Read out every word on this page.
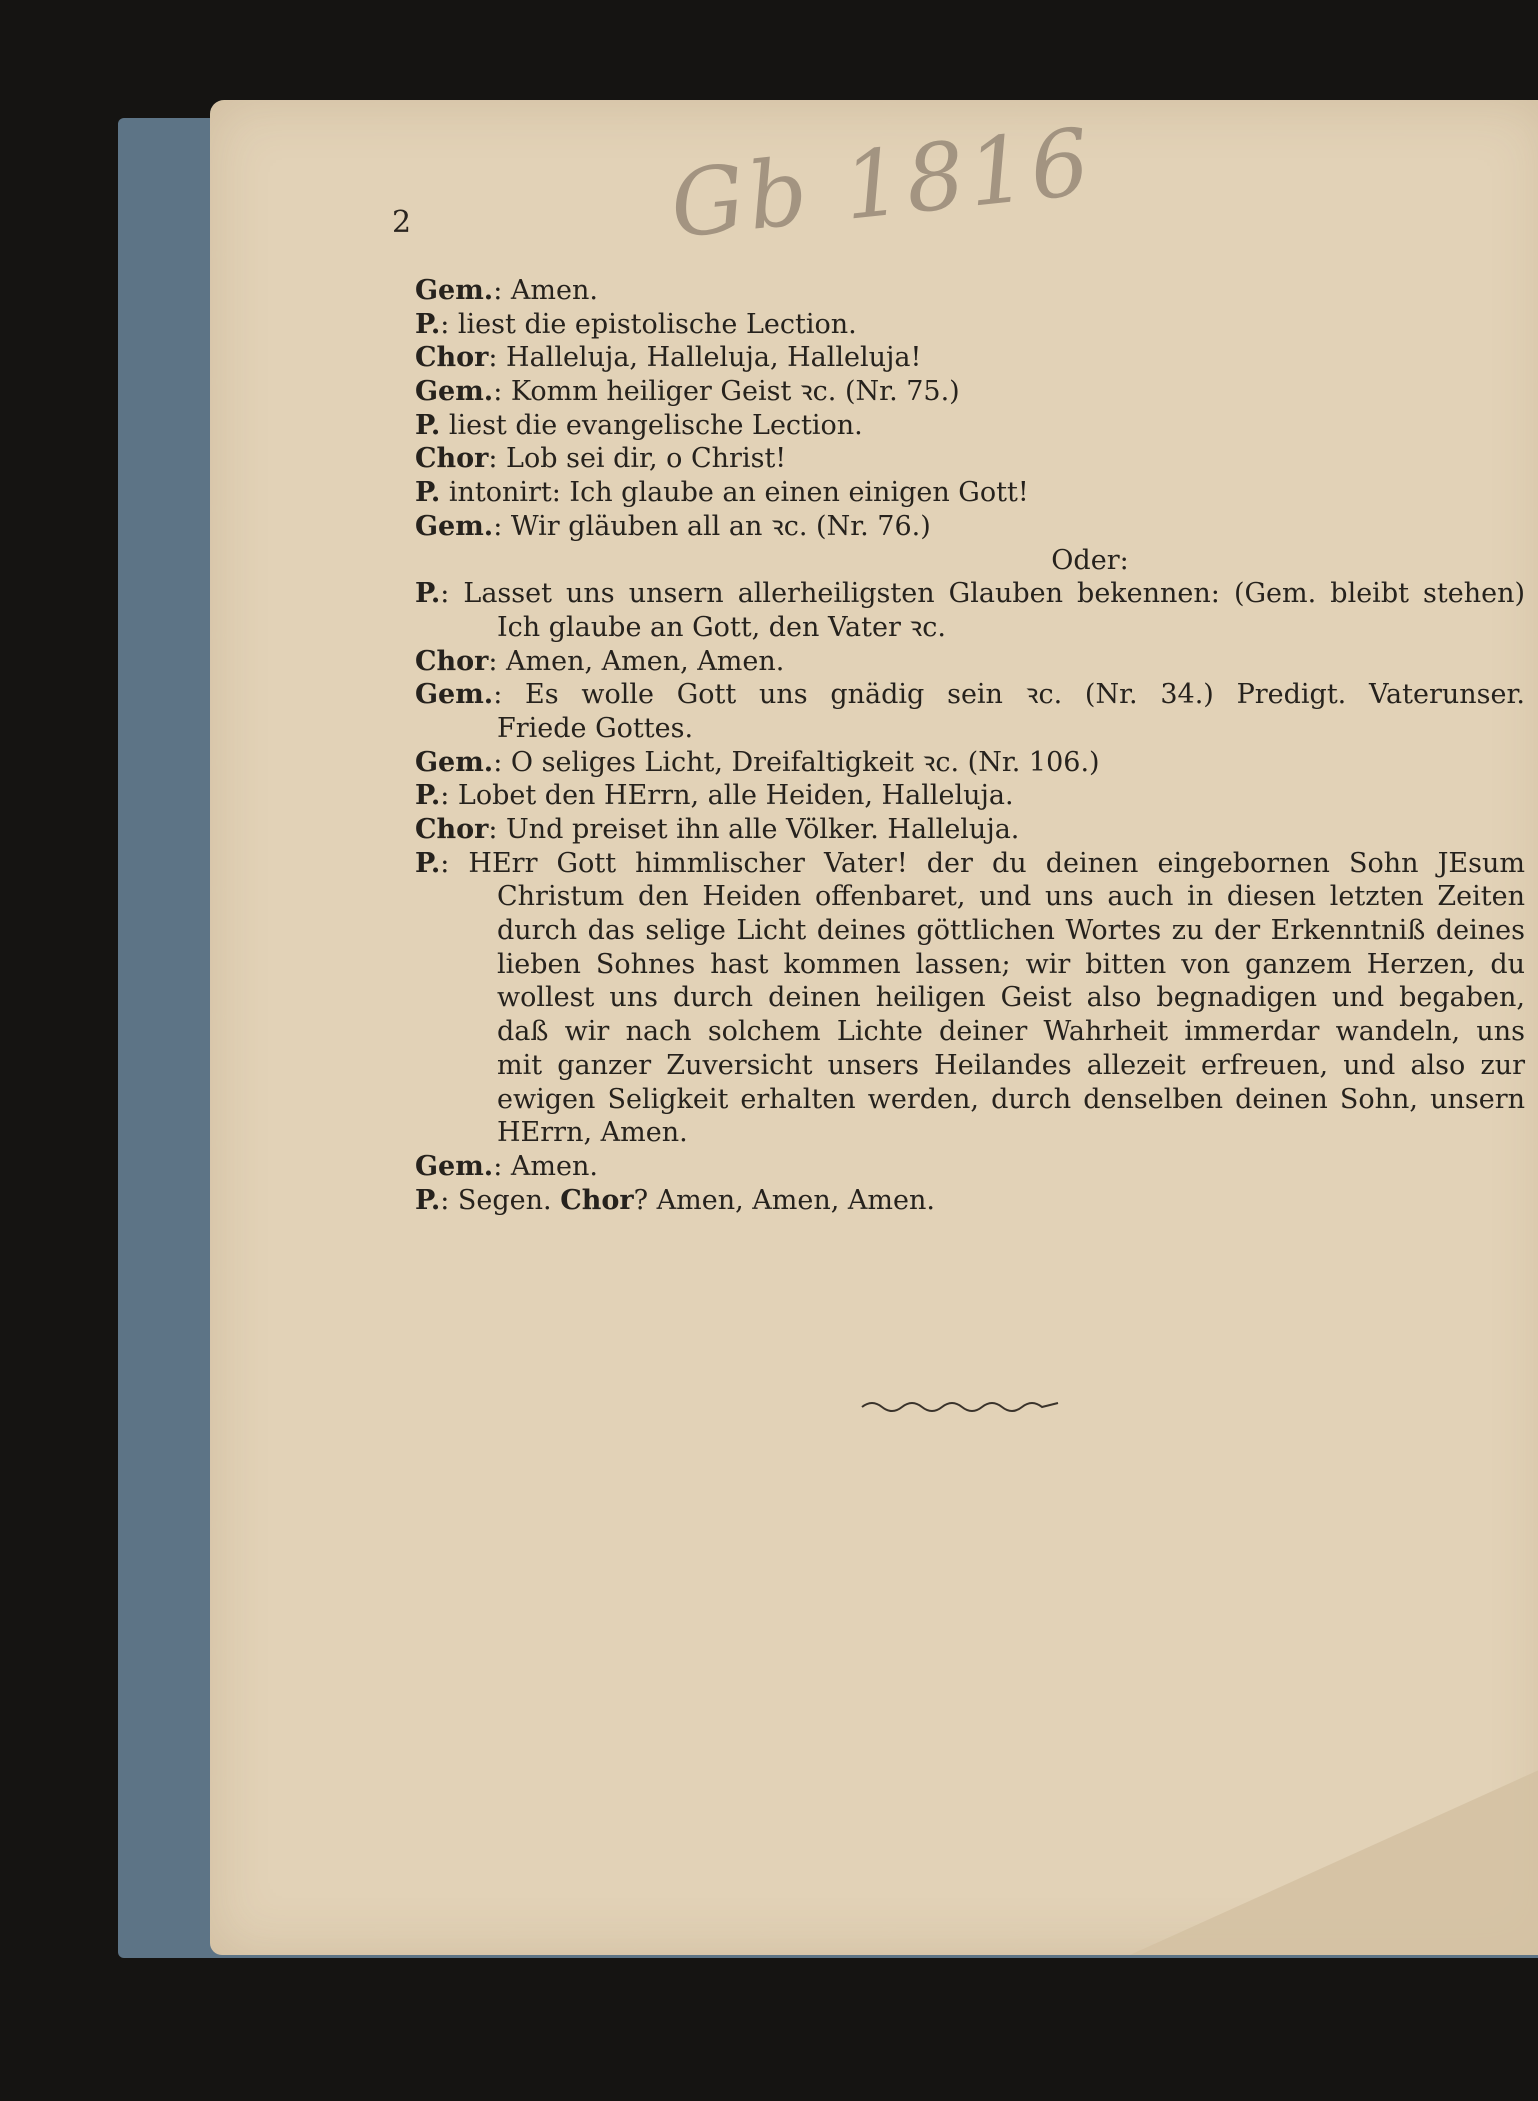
2	Gb 1816
Gem.: Amen.
P.: liest die epistolische Lection.
Chor: Halleluja, Halleluja, Halleluja!
Gem.: Komm heiliger Geist ꝛc. (Nr. 75.)
P. liest die evangelische Lection.
Chor: Lob sei dir, o Christ!
P. intonirt: Ich glaube an einen einigen Gott!
Gem.: Wir gläuben all an ꝛc. (Nr. 76.)
Oder:
P.: Lasset uns unsern allerheiligsten Glauben bekennen: (Gem. bleibt stehen)
Ich glaube an Gott, den Vater ꝛc.
Chor: Amen, Amen, Amen.
Gem.: Es wolle Gott uns gnädig sein ꝛc. (Nr. 34.) Predigt. Vaterunser.
Friede Gottes.
Gem.: O seliges Licht, Dreifaltigkeit ꝛc. (Nr. 106.)
P.: Lobet den HErrn, alle Heiden, Halleluja.
Chor: Und preiset ihn alle Völker. Halleluja.
P.: HErr Gott himmlischer Vater! der du deinen eingebornen Sohn JEsum
Christum den Heiden offenbaret, und uns auch in diesen letzten Zeiten
durch das selige Licht deines göttlichen Wortes zu der Erkenntniß deines
lieben Sohnes hast kommen lassen; wir bitten von ganzem Herzen, du
wollest uns durch deinen heiligen Geist also begnadigen und begaben,
daß wir nach solchem Lichte deiner Wahrheit immerdar wandeln, uns
mit ganzer Zuversicht unsers Heilandes allezeit erfreuen, und also zur
ewigen Seligkeit erhalten werden, durch denselben deinen Sohn, unsern
HErrn, Amen.
Gem.: Amen.
P.: Segen. Chor? Amen, Amen, Amen.
